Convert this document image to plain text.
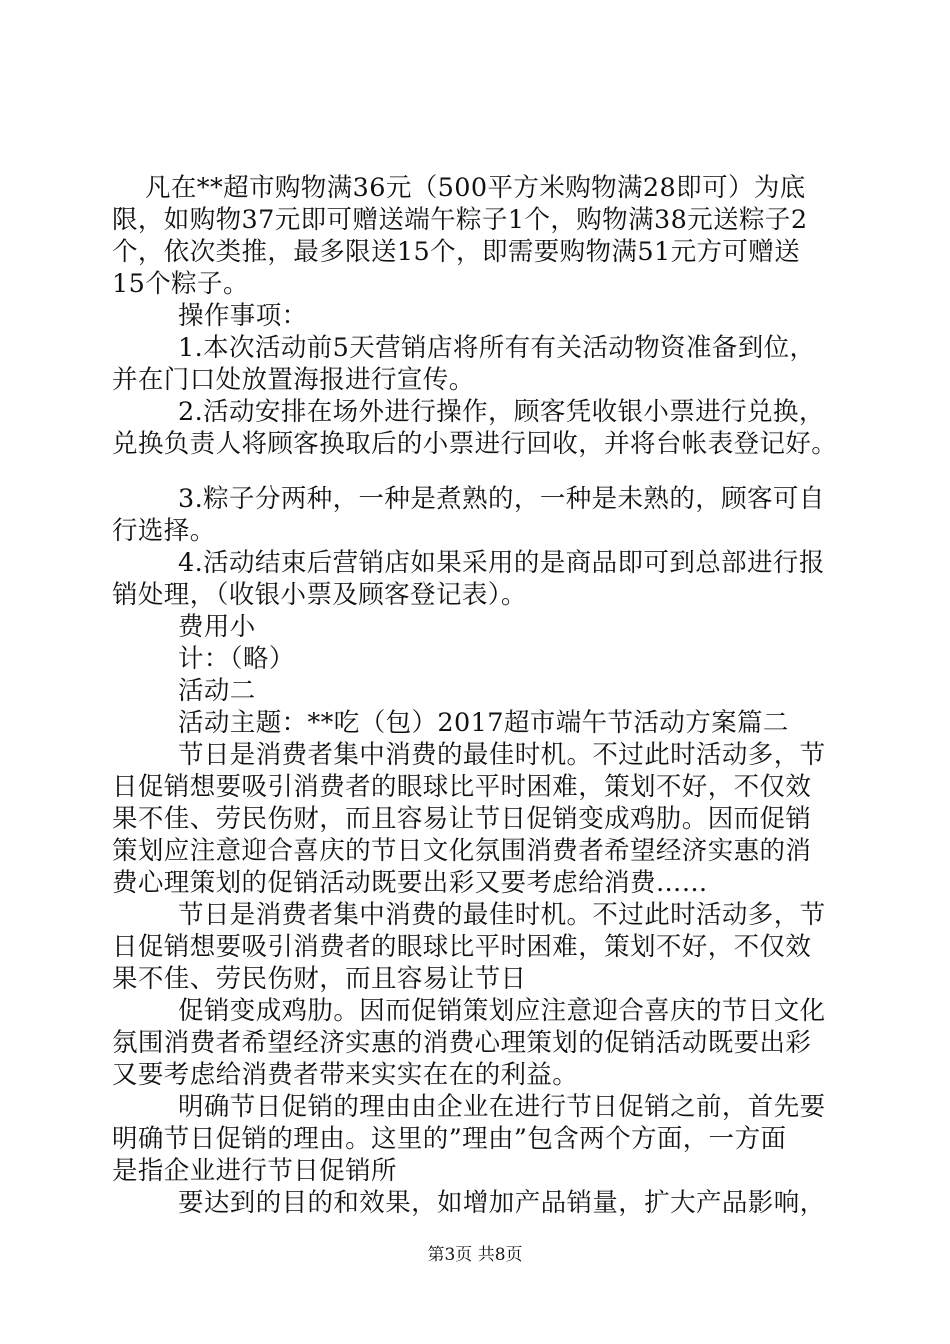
凡在**超市购物满36元（500平方米购物满28即可）为底
限，如购物37元即可赠送端午粽子1个，购物满38元送粽子2
个，依次类推，最多限送15个，即需要购物满51元方可赠送
15个粽子。
操作事项：
1.本次活动前5天营销店将所有有关活动物资准备到位，
并在门口处放置海报进行宣传。
2.活动安排在场外进行操作，顾客凭收银小票进行兑换，
兑换负责人将顾客换取后的小票进行回收，并将台帐表登记好。
3.粽子分两种，一种是煮熟的，一种是未熟的，顾客可自
行选择。
4.活动结束后营销店如果采用的是商品即可到总部进行报
销处理，（收银小票及顾客登记表）。
费用小
计：（略）
活动二
活动主题：**吃（包）2017超市端午节活动方案篇二
节日是消费者集中消费的最佳时机。不过此时活动多，节
日促销想要吸引消费者的眼球比平时困难，策划不好，不仅效
果不佳、劳民伤财，而且容易让节日促销变成鸡肋。因而促销
策划应注意迎合喜庆的节日文化氛围消费者希望经济实惠的消
费心理策划的促销活动既要出彩又要考虑给消费……
节日是消费者集中消费的最佳时机。不过此时活动多，节
日促销想要吸引消费者的眼球比平时困难，策划不好，不仅效
果不佳、劳民伤财，而且容易让节日
促销变成鸡肋。因而促销策划应注意迎合喜庆的节日文化
氛围消费者希望经济实惠的消费心理策划的促销活动既要出彩
又要考虑给消费者带来实实在在的利益。
明确节日促销的理由由企业在进行节日促销之前，首先要
明确节日促销的理由。这里的”理由”包含两个方面，一方面
是指企业进行节日促销所
要达到的目的和效果，如增加产品销量，扩大产品影响，
第3页 共8页
